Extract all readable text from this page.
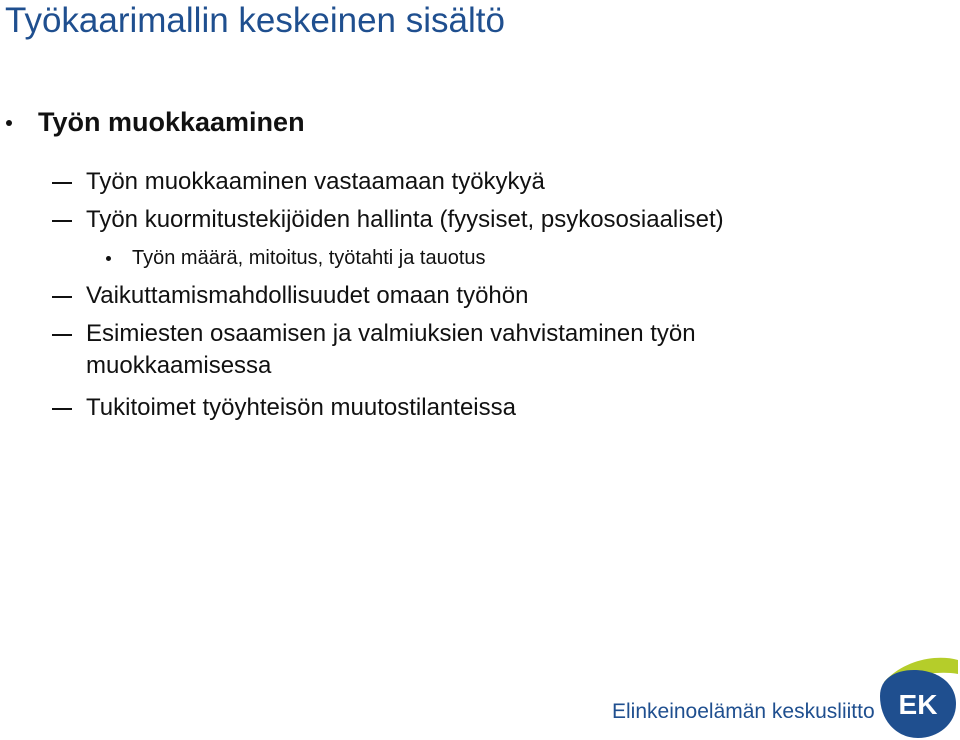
Työkaarimallin keskeinen sisältö
Työn muokkaaminen
Työn muokkaaminen vastaamaan työkykyä
Työn kuormitustekijöiden hallinta (fyysiset, psykososiaaliset)
Työn määrä, mitoitus, työtahti ja tauotus
Vaikuttamismahdollisuudet omaan työhön
Esimiesten osaamisen ja valmiuksien vahvistaminen työn muokkaamisessa
Tukitoimet työyhteisön muutostilanteissa
Elinkeinoelämän keskusliitto EK
